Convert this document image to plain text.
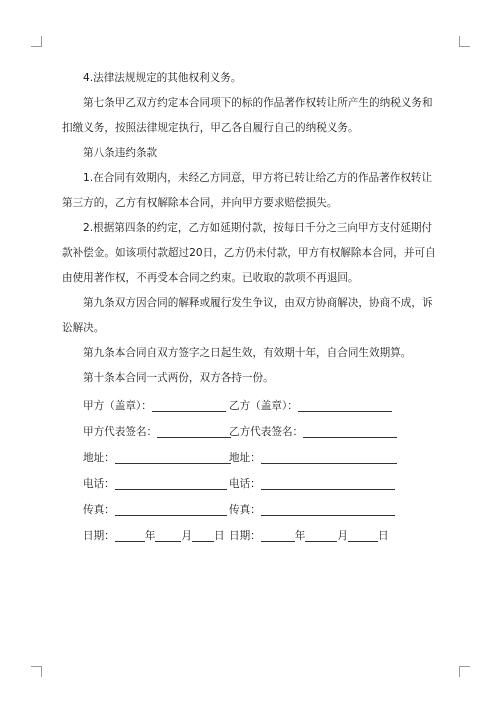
4.法律法规规定的其他权利义务。

第七条甲乙双方约定本合同项下的标的作品著作权转让所产生的纳税义务和扣缴义务，按照法律规定执行，甲乙各自履行自己的纳税义务。

第八条违约条款

1.在合同有效期内，未经乙方同意，甲方将已转让给乙方的作品著作权转让第三方的，乙方有权解除本合同，并向甲方要求赔偿损失。

2.根据第四条的约定，乙方如延期付款，按每日千分之三向甲方支付延期付款补偿金。如该项付款超过20日，乙方仍未付款，甲方有权解除本合同，并可自由使用著作权，不再受本合同之约束。已收取的款项不再退回。

第九条双方因合同的解释或履行发生争议，由双方协商解决，协商不成，诉讼解决。

第九条本合同自双方签字之日起生效，有效期十年，自合同生效期算。

第十条本合同一式两份，双方各持一份。

甲方（盖章）：	乙方（盖章）：
甲方代表签名：	乙方代表签名：
地址：	地址：
电话：	电话：
传真：	传真：
日期：	年 月 日 日期：	年	月	日
